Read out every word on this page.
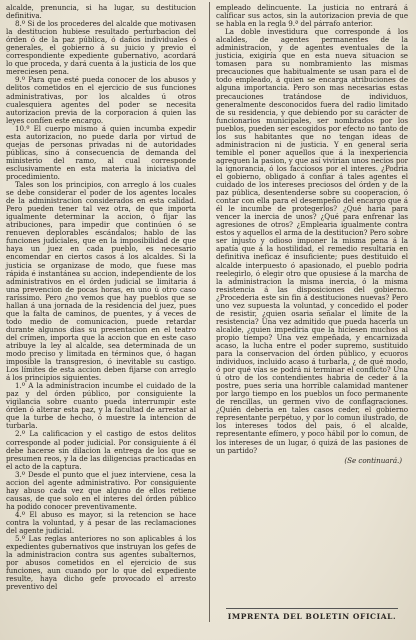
alcalde, prenuncia, si ha lugar, su destitucion definitiva.

8.º Si de los procederes del alcalde que motivasen la destitucion hubiese resultado perturbacion del órden ó de la paz pública, ó daños individuales ó generales, el gobierno á su juicio y previo el correspondiente expediente gubernativo, acordará lo que proceda, y dará cuenta á la justicia de los que mereciesen pena.

9.º Para que esté pueda conocer de los abusos y delitos cometidos en el ejercicio de sus funciones administrativas, por los alcaldes ú otros cualesquiera agentes del poder se necesita autorizacion previa de la corporacion á quien las leyes confíen este encargo.

10.º El cuerpo mismo á quien incumba expedir esta autorizacion, no puede darla por virtud de quejas de personas privadas ni de autoridades públicas, sino á consecuencia de demanda del ministerio del ramo, al cual corresponde esclusivamente en esta materia la iniciativa del procedimiento.

Tales son los principios, con arreglo á los cuales se debe considerar el poder de los agentes locales de la administracion considerados en esta calidad. Pero pueden tener tal vez otra, de que importa igualmente determinar la accion, ó fijar las atribuciones, para impedir que continúen ó se renueven deplorables escándalos; hablo de las funciones judiciales, que en la imposibilidad de que haya un juez en cada pueblo, es necesario encomendar en ciertos casos á los alcaldes. Si la justicia se organizase de modo, que fuese mas rápida é instantánea su accion, independiente de los administrativos en el órden judicial se limitaria á una prevencion de pocas horas, en uno ú otro caso raríssimo. Pero ¿no vemos que hay pueblos que se hallan á una jornada de la residencia del juez, pues que la falta de caminos, de puentes, y á veces de todo medio de comunicacion, puede retardar durante algunos dias su presentacion en el teatro del crímen, importa que la accion que en este caso atribuye la ley al alcalde, sea determinada de un modo preciso y limitada en términos que, ó hagan imposible la transgresion, ó inevitable su castigo. Los límites de esta accion deben fijarse con arreglo á los principios siguientes.

1.º A la administracion incumbe el cuidado de la paz y del órden público, por consiguiente la vigilancia sobre cuanto pueda interrumpir este órden ó alterar esta paz, y la facultad de arrestar al que la turbe de hecho, ó muestre la intencion de turbarla.

2.º La calificacion y el castigo de estos delitos corresponde al poder judicial. Por consiguiente á él debe hacerse sin dilacion la entrega de los que se presumen reos, y la de las diligencias practicadas en el acto de la captura.

3.º Desde el punto que el juez interviene, cesa la accion del agente administrativo. Por consiguiente hay abuso cada vez que alguno de ellos retiene causas, de que solo en el interes del órden público ha podido conocer preventivamente.

4.º El abuso es mayor, si la retencion se hace contra la voluntad, y á pesar de las reclamaciones del agente judicial.

5.º Las reglas anteriores no son aplicables á los expedientes gubernativos que instruyan los gefes de la administracion contra sus agentes subalternos, por abusos cometidos en el ejercicio de sus funciones, aun cuando por lo que del expediente resulte, haya dicho gefe provocado el arresto preventivo del

empleado delincuente. La justicia no entrará á calificar sus actos, sin la autorizacion previa de que se habla en la regla 9.ª del párrafo anterior.

La doble investidura que corresponde á los alcaldes, de agentes permanentes de la administracion, y de agentes eventuales de la justicia, exigiría que en esta nueva situacion se tomasen para su nombramiento las mismas precauciones que habitualmente se usan para el de todo empleado, á quien se encarga atribuciones de alguna importancia. Pero son mas necesarias estas precauciones tratándose de individuos, generalmente desconocidos fuera del radio limitado de su residencia, y que debiendo por su carácter de funcionarios municipales, ser nombrados por los pueblos, pueden ser escogidos por efecto no tanto de los sus habitantes que no tengan ideas de administracion ni de justicia. Y en general seria temible el poner aquellos que á la inexperiencia agreguen la pasion, y que así vivirian unos necios por la ignorancia, ó los facciosos por el interes. ¿Podria el gobierno, obligado á confiar á tales agentes el cuidado de los intereses preciosos del órden y de la paz pública, desentenderse sobre su cooperacion, ó contar con ella para el desempeño del encargo que á él le incumbe de protegerlos? ¿Qué haria para vencer la inercia de unos? ¿Qué para enfrenar las agresiones de otros? ¿Emplearia igualmente contra estos y aquellos el arma de la destitucion? Pero sobre ser injusto y odioso imponer la misma pena á la apatía que á la hostilidad, el remedio resultaria en definitiva ineficaz é insuficiente; pues destituido el alcalde interpuesto ó apasionado, el pueblo podria reelegirlo, ó elegir otro que opusiese á la marcha de la administracion la misma inercia, ó la misma resistencia á las disposiciones del gobierno. ¿Procederia este sin fin á destituciones nuevas? Pero uno vez supuesta la voluntad, y concedido el poder de resistir, ¿quien osaria señalar el límite de la resistencia? Una vez admitido que pueda hacerla un alcalde, ¿quien impediria que la hiciesen muchos al propio tiempo? Una vez empeñada, y encarnizada acaso, la lucha entre el poder supremo, sustituido para la conservacion del órden público, y ecuoros individuos, incluido acaso á turbarla, ¿ de qué modo, ó por qué vías se podrá ni terminar el conflicto? Una ú otro de los contendientes habria de ceder á la postre, pues seria una horrible calamidad mantener por largo tiempo en los pueblos un foco permanente de rencillas, un germen vivo de conflagraciones. ¿Quién deberia en tales casos ceder, el gobierno representante perpétuo, y por lo comun ilustrado, de los intereses todos del pais, ó el alcalde, representante efímero, y poco hábil por lo comun, de los intereses de un lugar, ó quizá de las pasiones de un partido?

(Se continuará.)
IMPRENTA DEL BOLETIN OFICIAL.
